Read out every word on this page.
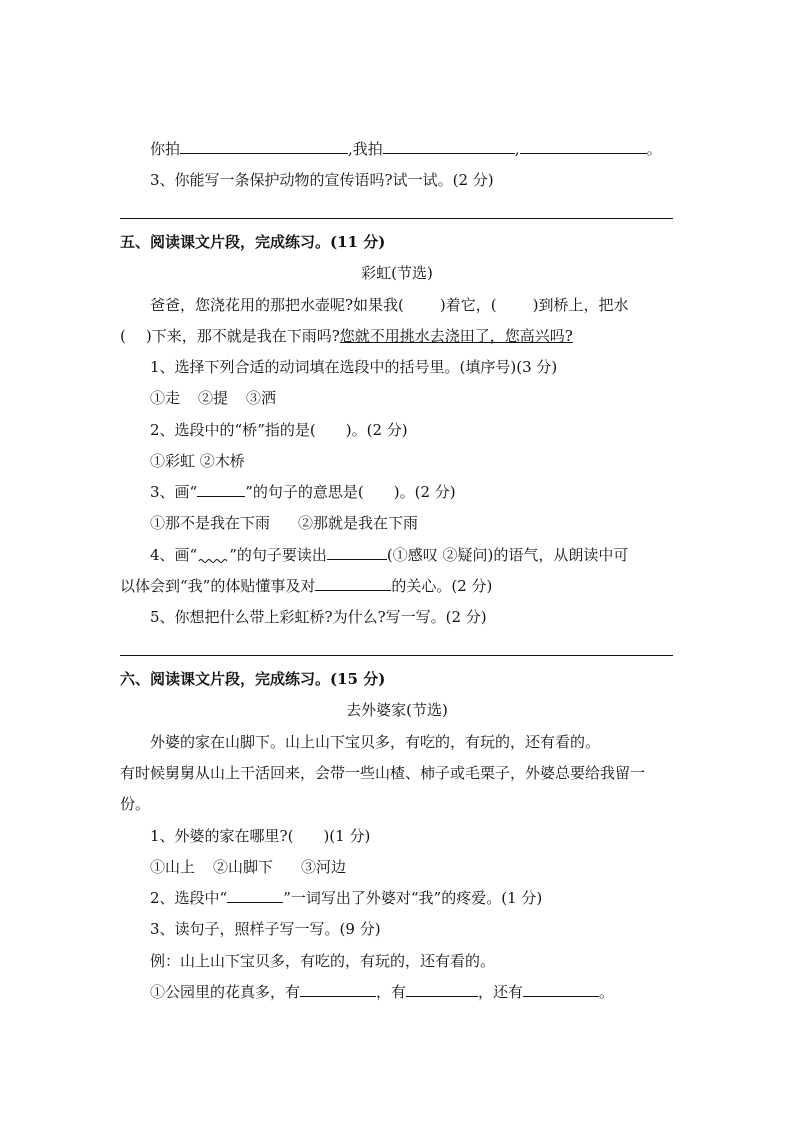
你拍	,我拍	,	。
3、你能写一条保护动物的宣传语吗?试一试。(2 分)
五、阅读课文片段，完成练习。(11 分)
彩虹(节选)
爸爸，您浇花用的那把水壶呢?如果我( )着它，( )到桥上，把水
( )下来，那不就是我在下雨吗?您就不用挑水去浇田了，您高兴吗?
1、选择下列合适的动词填在选段中的括号里。(填序号)(3 分)
①走 ②提 ③洒
2、选段中的“桥”指的是( )。(2 分)
①彩虹 ②木桥
3、画“	”的句子的意思是( )。(2 分)
①那不是我在下雨 ②那就是我在下雨
4、画“ ”的句子要读出	(①感叹 ②疑问)的语气，从朗读中可
以体会到“我”的体贴懂事及对	的关心。(2 分)
5、你想把什么带上彩虹桥?为什么?写一写。(2 分)
六、阅读课文片段，完成练习。(15 分)
去外婆家(节选)
外婆的家在山脚下。山上山下宝贝多，有吃的，有玩的，还有看的。
有时候舅舅从山上干活回来，会带一些山楂、柿子或毛栗子，外婆总要给我留一
份。
1、外婆的家在哪里?( )(1 分)
①山上 ②山脚下 ③河边
2、选段中“	”一词写出了外婆对“我”的疼爱。(1 分)
3、读句子，照样子写一写。(9 分)
例：山上山下宝贝多，有吃的，有玩的，还有看的。
①公园里的花真多，有	，有	，还有	。
